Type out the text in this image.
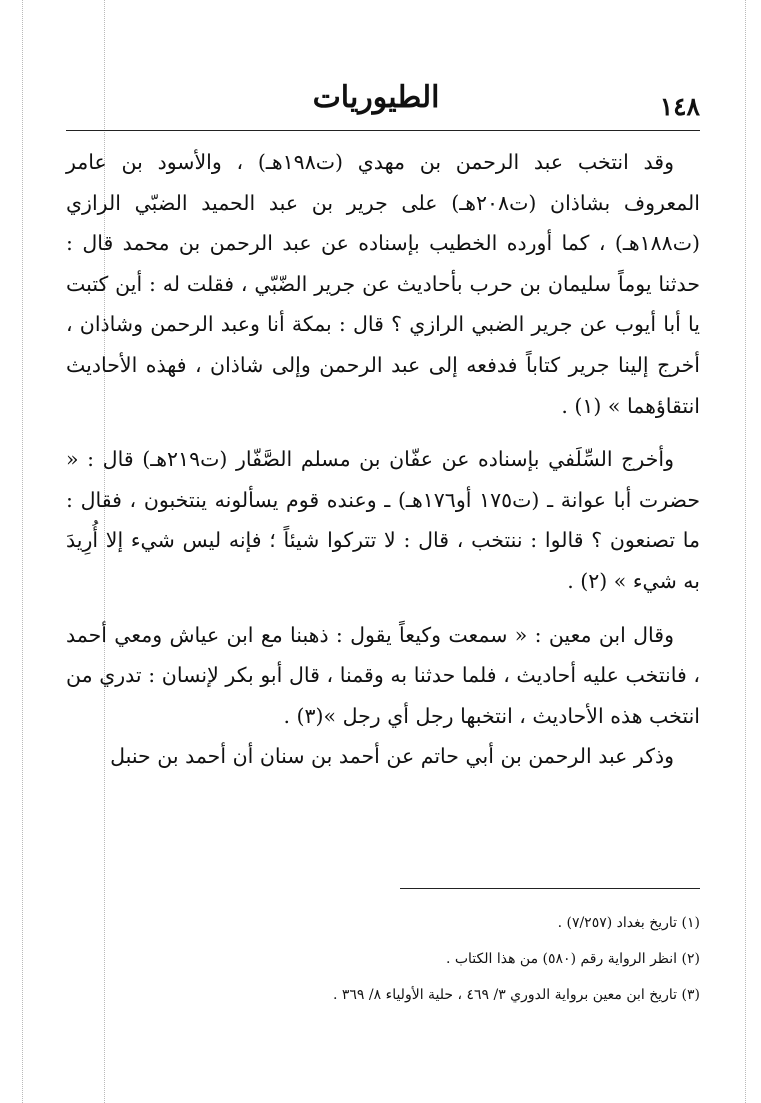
الطيوريات	١٤٨

وقد انتخب عبد الرحمن بن مهدي (ت١٩٨هـ) ، والأسود بن عامر المعروف بشاذان (ت٢٠٨هـ) على جرير بن عبد الحميد الضبّي الرازي (ت١٨٨هـ) ، كما أورده الخطيب بإسناده عن عبد الرحمن بن محمد قال : حدثنا يوماً سليمان بن حرب بأحاديث عن جرير الضّبّي ، فقلت له : أين كتبت يا أبا أيوب عن جرير الضبي الرازي ؟ قال : بمكة أنا وعبد الرحمن وشاذان ، أخرج إلينا جرير كتاباً فدفعه إلى عبد الرحمن وإلى شاذان ، فهذه الأحاديث انتقاؤهما » (١) .

وأخرج السِّلَفي بإسناده عن عفّان بن مسلم الصَّفّار (ت٢١٩هـ) قال : « حضرت أبا عوانة ـ (ت١٧٥ أو١٧٦هـ) ـ وعنده قوم يسألونه ينتخبون ، فقال : ما تصنعون ؟ قالوا : ننتخب ، قال : لا تتركوا شيئاً ؛ فإنه ليس شيء إلا أُرِيدَ به شيء » (٢) .

وقال ابن معين : « سمعت وكيعاً يقول : ذهبنا مع ابن عياش ومعي أحمد ، فانتخب عليه أحاديث ، فلما حدثنا به وقمنا ، قال أبو بكر لإنسان : تدري من انتخب هذه الأحاديث ، انتخبها رجل أي رجل »(٣) .

وذكر عبد الرحمن بن أبي حاتم عن أحمد بن سنان أن أحمد بن حنبل

(١) تاريخ بغداد (٧/٢٥٧) .
(٢) انظر الرواية رقم (٥٨٠) من هذا الكتاب .
(٣) تاريخ ابن معين برواية الدوري ٣/ ٤٦٩ ، حلية الأولياء ٨/ ٣٦٩ .
